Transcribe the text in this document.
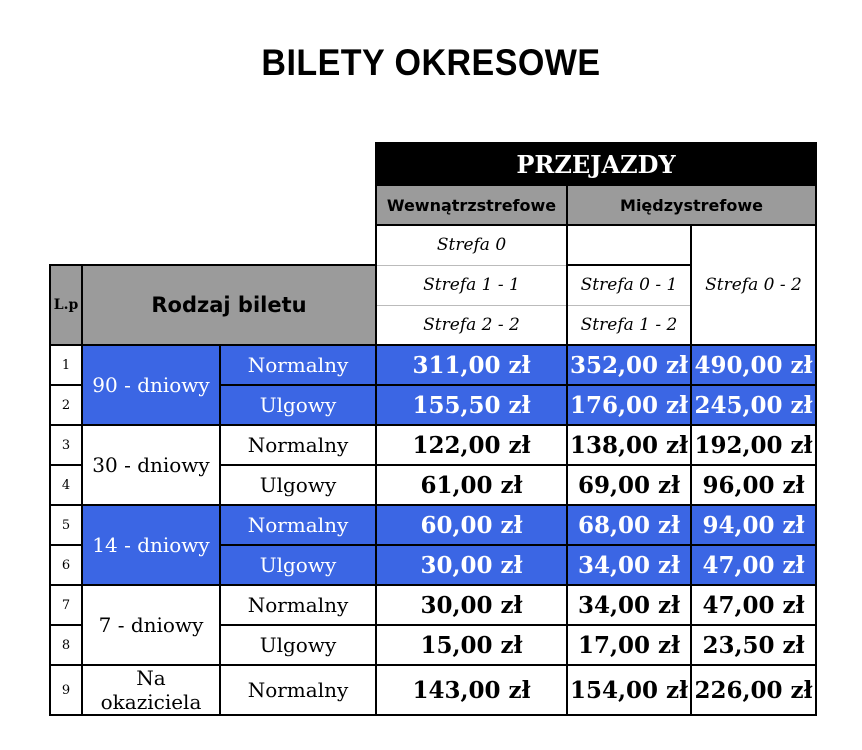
BILETY OKRESOWE
			PRZEJAZDY		
			Wewnątrzstrefowe	Międzystrefowe	
			Strefa 0		Strefa 0 - 2
L.p	Rodzaj biletu		Strefa 1 - 1	Strefa 0 - 1	
			Strefa 2 - 2	Strefa 1 - 2	
1	90 - dniowy	Normalny	311,00 zł	352,00 zł	490,00 zł
2		Ulgowy	155,50 zł	176,00 zł	245,00 zł
3	30 - dniowy	Normalny	122,00 zł	138,00 zł	192,00 zł
4		Ulgowy	61,00 zł	69,00 zł	96,00 zł
5	14 - dniowy	Normalny	60,00 zł	68,00 zł	94,00 zł
6		Ulgowy	30,00 zł	34,00 zł	47,00 zł
7	7 - dniowy	Normalny	30,00 zł	34,00 zł	47,00 zł
8		Ulgowy	15,00 zł	17,00 zł	23,50 zł
9	Na okaziciela	Normalny	143,00 zł	154,00 zł	226,00 zł
